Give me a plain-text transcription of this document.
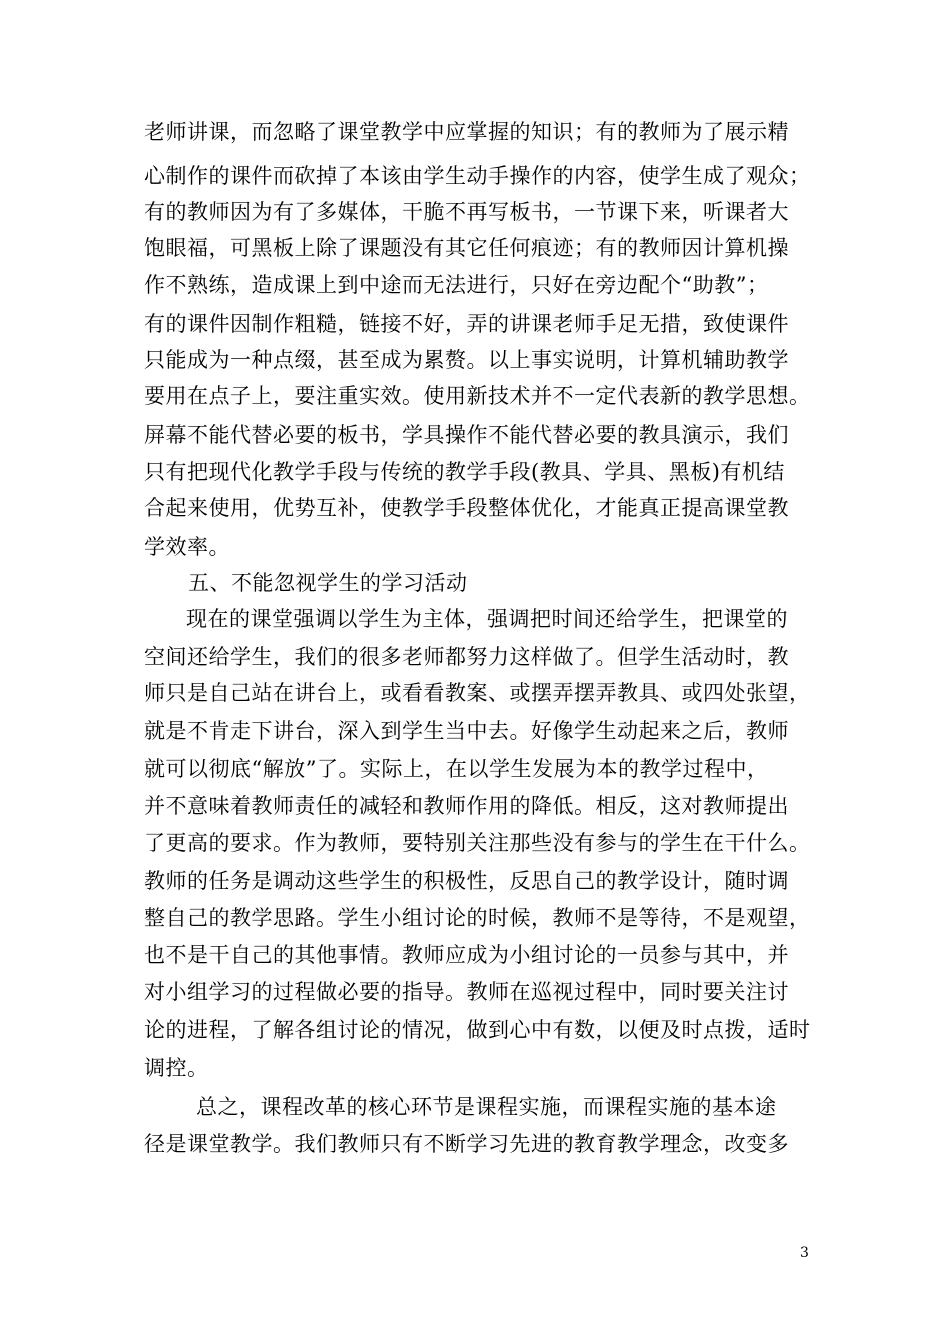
老师讲课，而忽略了课堂教学中应掌握的知识；有的教师为了展示精
心制作的课件而砍掉了本该由学生动手操作的内容，使学生成了观众；
有的教师因为有了多媒体，干脆不再写板书，一节课下来，听课者大
饱眼福，可黑板上除了课题没有其它任何痕迹；有的教师因计算机操
作不熟练，造成课上到中途而无法进行，只好在旁边配个“助教”；
有的课件因制作粗糙，链接不好，弄的讲课老师手足无措，致使课件
只能成为一种点缀，甚至成为累赘。以上事实说明，计算机辅助教学
要用在点子上，要注重实效。使用新技术并不一定代表新的教学思想。
屏幕不能代替必要的板书，学具操作不能代替必要的教具演示，我们
只有把现代化教学手段与传统的教学手段(教具、学具、黑板)有机结
合起来使用，优势互补，使教学手段整体优化，才能真正提高课堂教
学效率。
五、不能忽视学生的学习活动
现在的课堂强调以学生为主体，强调把时间还给学生，把课堂的
空间还给学生，我们的很多老师都努力这样做了。但学生活动时，教
师只是自己站在讲台上，或看看教案、或摆弄摆弄教具、或四处张望，
就是不肯走下讲台，深入到学生当中去。好像学生动起来之后，教师
就可以彻底“解放”了。实际上，在以学生发展为本的教学过程中，
并不意味着教师责任的减轻和教师作用的降低。相反，这对教师提出
了更高的要求。作为教师，要特别关注那些没有参与的学生在干什么。
教师的任务是调动这些学生的积极性，反思自己的教学设计，随时调
整自己的教学思路。学生小组讨论的时候，教师不是等待，不是观望，
也不是干自己的其他事情。教师应成为小组讨论的一员参与其中，并
对小组学习的过程做必要的指导。教师在巡视过程中，同时要关注讨
论的进程，了解各组讨论的情况，做到心中有数，以便及时点拨，适时
调控。
总之，课程改革的核心环节是课程实施，而课程实施的基本途
径是课堂教学。我们教师只有不断学习先进的教育教学理念，改变多
3
